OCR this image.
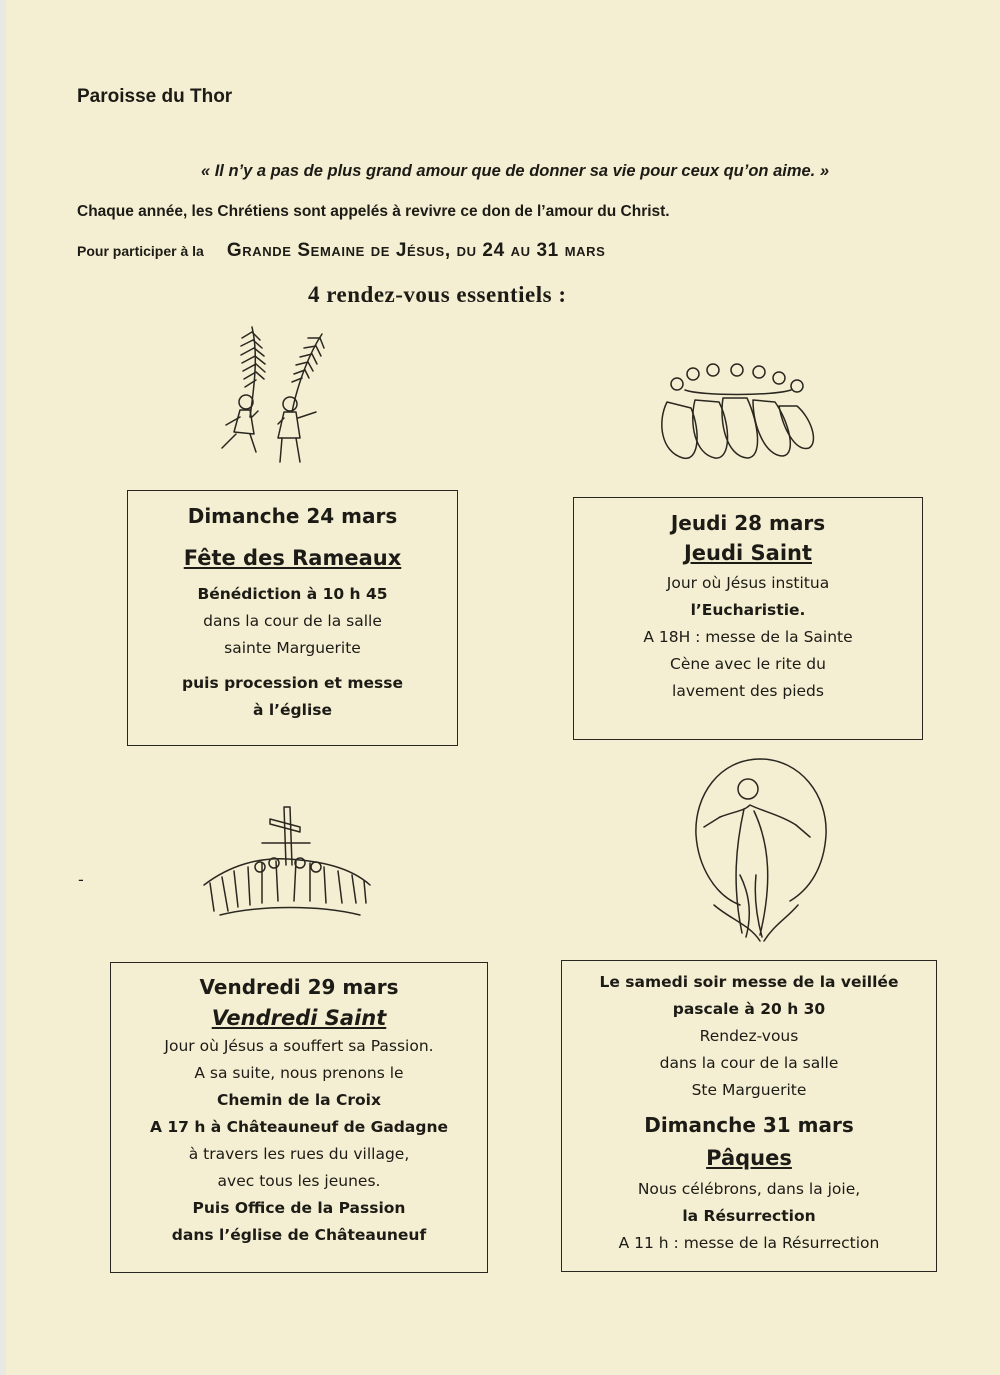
Paroisse du Thor
« Il n’y a pas de plus grand amour que de donner sa vie pour ceux qu’on aime. »
Chaque année, les Chrétiens sont appelés à revivre ce don de l’amour du Christ.
Pour participer à la Grande Semaine de Jésus, du 24 au 31 mars
4 rendez-vous essentiels :
-
Dimanche 24 mars
Fête des Rameaux
Bénédiction à 10 h 45
dans la cour de la salle
sainte Marguerite
puis procession et messe
à l’église
Jeudi 28 mars
Jeudi Saint
Jour où Jésus institua
l’Eucharistie.
A 18H : messe de la Sainte
Cène avec le rite du
lavement des pieds
Vendredi 29 mars
Vendredi Saint
Jour où Jésus a souffert sa Passion.
A sa suite, nous prenons le
Chemin de la Croix
A 17 h à Châteauneuf de Gadagne
à travers les rues du village,
avec tous les jeunes.
Puis Office de la Passion
dans l’église de Châteauneuf
Le samedi soir messe de la veillée
pascale à 20 h 30
Rendez-vous
dans la cour de la salle
Ste Marguerite
Dimanche 31 mars
Pâques
Nous célébrons, dans la joie,
la Résurrection
A 11 h : messe de la Résurrection
